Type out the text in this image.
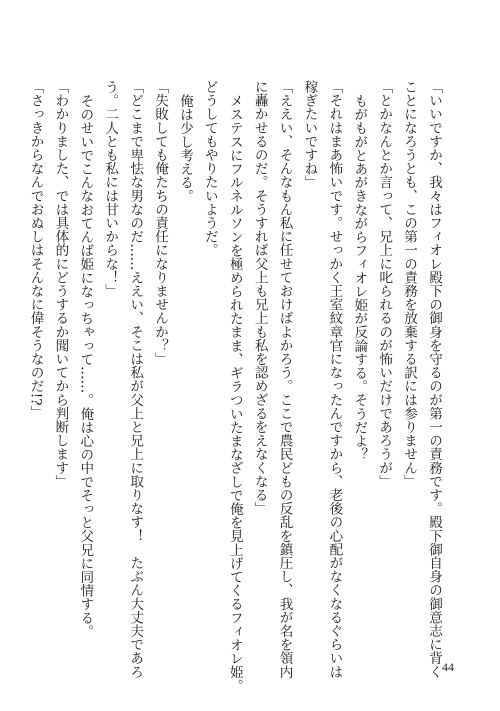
「いいですか、我々はフィオレ殿下の御身を守るのが第一の責務です。殿下御自身の御意志に背く
ことになろうとも、この第一の責務を放棄する訳には参りません」
「とかなんとか言って、兄上に叱られるのが怖いだけであろうが」
もがもがとあがきながらフィオレ姫が反論する。そうだよ？
「それはまあ怖いです。せっかく王室紋章官になったんですから、老後の心配がなくなるぐらいは
稼ぎたいですね」
「ええい、そんなもん私に任せておけばよかろう。ここで農民どもの反乱を鎮圧し、我が名を領内
に轟かせるのだ。そうすれば父上も兄上も私を認めざるをえなくなる」
メステスにフルネルソンを極められたまま、ギラついたまなざしで俺を見上げてくるフィオレ姫。
どうしてもやりたいようだ。
俺は少し考える。
「失敗しても俺たちの責任になりませんか？」
「どこまで卑怯な男なのだ……ええい、そこは私が父上と兄上に取りなす！　たぶん大丈夫であろ
う。二人とも私には甘いからな！」
そのせいでこんなおてんば姫になっちゃって……。俺は心の中でそっと父兄に同情する。
「わかりました、では具体的にどうするか聞いてから判断します」
「さっきからなんでおぬしはそんなに偉そうなのだ!?」
44
